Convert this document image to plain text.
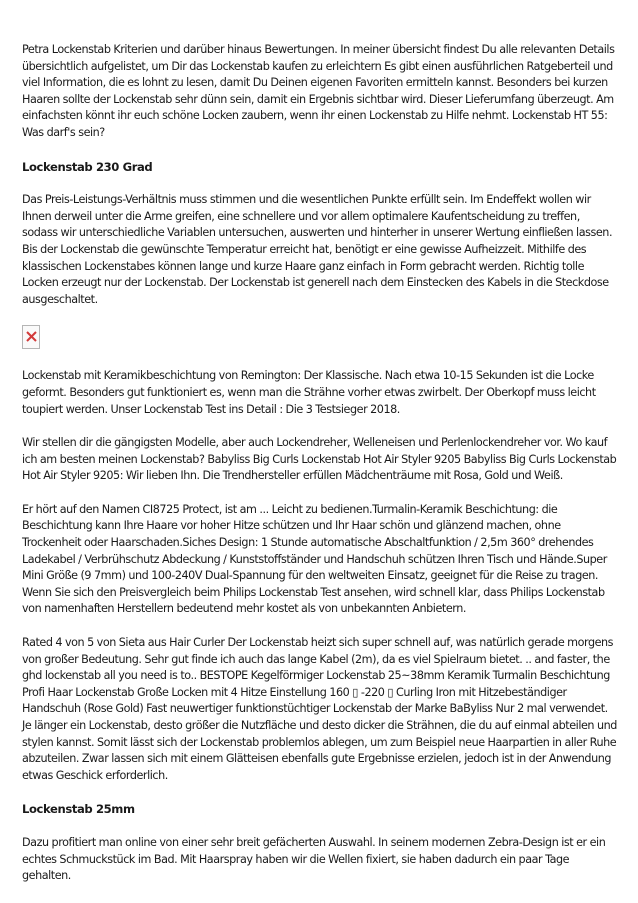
Petra Lockenstab Kriterien und darüber hinaus Bewertungen. In meiner übersicht findest Du alle relevanten Details übersichtlich aufgelistet, um Dir das Lockenstab kaufen zu erleichtern Es gibt einen ausführlichen Ratgeberteil und viel Information, die es lohnt zu lesen, damit Du Deinen eigenen Favoriten ermitteln kannst. Besonders bei kurzen Haaren sollte der Lockenstab sehr dünn sein, damit ein Ergebnis sichtbar wird. Dieser Lieferumfang überzeugt. Am einfachsten könnt ihr euch schöne Locken zaubern, wenn ihr einen Lockenstab zu Hilfe nehmt. Lockenstab HT 55: Was darf's sein?

Lockenstab 230 Grad

Das Preis-Leistungs-Verhältnis muss stimmen und die wesentlichen Punkte erfüllt sein. Im Endeffekt wollen wir Ihnen derweil unter die Arme greifen, eine schnellere und vor allem optimalere Kaufentscheidung zu treffen, sodass wir unterschiedliche Variablen untersuchen, auswerten und hinterher in unserer Wertung einfließen lassen. Bis der Lockenstab die gewünschte Temperatur erreicht hat, benötigt er eine gewisse Aufheizzeit. Mithilfe des klassischen Lockenstabes können lange und kurze Haare ganz einfach in Form gebracht werden. Richtig tolle Locken erzeugt nur der Lockenstab. Der Lockenstab ist generell nach dem Einstecken des Kabels in die Steckdose ausgeschaltet.

Lockenstab mit Keramikbeschichtung von Remington: Der Klassische. Nach etwa 10-15 Sekunden ist die Locke geformt. Besonders gut funktioniert es, wenn man die Strähne vorher etwas zwirbelt. Der Oberkopf muss leicht toupiert werden. Unser Lockenstab Test ins Detail : Die 3 Testsieger 2018.

Wir stellen dir die gängigsten Modelle, aber auch Lockendreher, Welleneisen und Perlenlockendreher vor. Wo kauf ich am besten meinen Lockenstab? Babyliss Big Curls Lockenstab Hot Air Styler 9205 Babyliss Big Curls Lockenstab Hot Air Styler 9205: Wir lieben Ihn. Die Trendhersteller erfüllen Mädchenträume mit Rosa, Gold und Weiß.

Er hört auf den Namen CI8725 Protect, ist am ... Leicht zu bedienen.Turmalin-Keramik Beschichtung: die Beschichtung kann Ihre Haare vor hoher Hitze schützen und Ihr Haar schön und glänzend machen, ohne Trockenheit oder Haarschaden.Siches Design: 1 Stunde automatische Abschaltfunktion / 2,5m 360° drehendes Ladekabel / Verbrühschutz Abdeckung / Kunststoffständer und Handschuh schützen Ihren Tisch und Hände.Super Mini Größe (9 7mm) und 100-240V Dual-Spannung für den weltweiten Einsatz, geeignet für die Reise zu tragen. Wenn Sie sich den Preisvergleich beim Philips Lockenstab Test ansehen, wird schnell klar, dass Philips Lockenstab von namenhaften Herstellern bedeutend mehr kostet als von unbekannten Anbietern.

Rated 4 von 5 von Sieta aus Hair Curler Der Lockenstab heizt sich super schnell auf, was natürlich gerade morgens von großer Bedeutung. Sehr gut finde ich auch das lange Kabel (2m), da es viel Spielraum bietet. .. and faster, the ghd lockenstab all you need is to.. BESTOPE Kegelförmiger Lockenstab 25~38mm Keramik Turmalin Beschichtung Profi Haar Lockenstab Große Locken mit 4 Hitze Einstellung 160 ▯ -220 ▯ Curling Iron mit Hitzebeständiger Handschuh (Rose Gold) Fast neuwertiger funktionstüchtiger Lockenstab der Marke BaByliss Nur 2 mal verwendet. Je länger ein Lockenstab, desto größer die Nutzfläche und desto dicker die Strähnen, die du auf einmal abteilen und stylen kannst. Somit lässt sich der Lockenstab problemlos ablegen, um zum Beispiel neue Haarpartien in aller Ruhe abzuteilen. Zwar lassen sich mit einem Glätteisen ebenfalls gute Ergebnisse erzielen, jedoch ist in der Anwendung etwas Geschick erforderlich.

Lockenstab 25mm

Dazu profitiert man online von einer sehr breit gefächerten Auswahl. In seinem modernen Zebra-Design ist er ein echtes Schmuckstück im Bad. Mit Haarspray haben wir die Wellen fixiert, sie haben dadurch ein paar Tage gehalten.
